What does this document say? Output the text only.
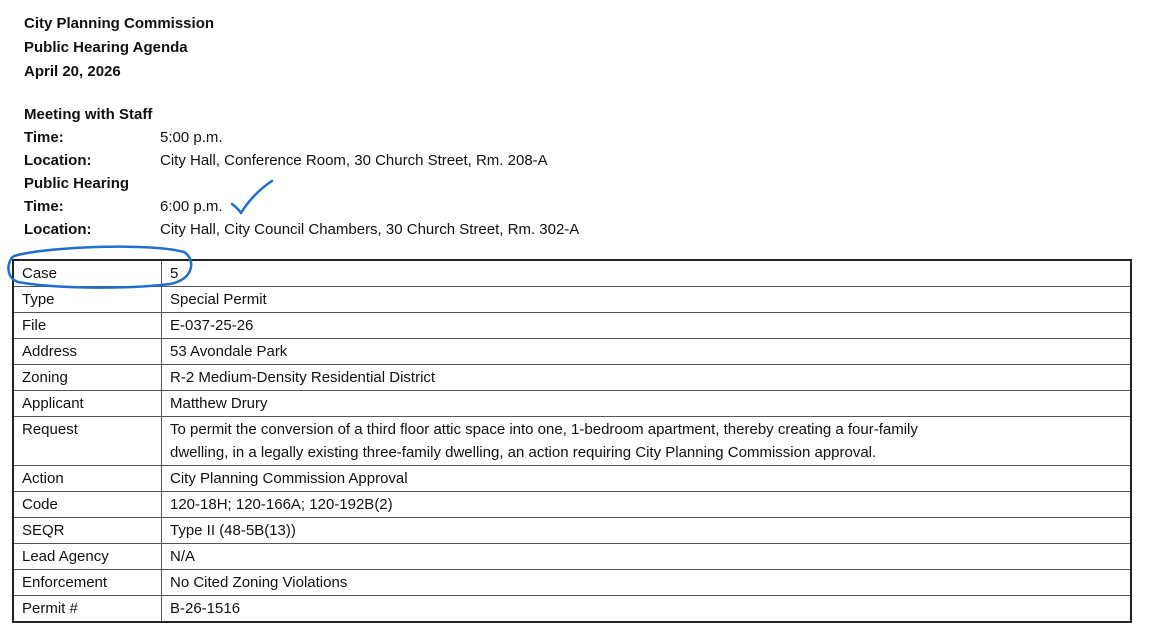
City Planning Commission
Public Hearing Agenda
April 20, 2026
Meeting with Staff
Time:	5:00 p.m.
Location:	City Hall, Conference Room, 30 Church Street, Rm. 208-A
Public Hearing
Time:	6:00 p.m.
Location:	City Hall, City Council Chambers, 30 Church Street, Rm. 302-A
Case	5
Type	Special Permit
File	E-037-25-26
Address	53 Avondale Park
Zoning	R-2 Medium-Density Residential District
Applicant	Matthew Drury
Request	To permit the conversion of a third floor attic space into one, 1-bedroom apartment, thereby creating a four-family
dwelling, in a legally existing three-family dwelling, an action requiring City Planning Commission approval.

Action	City Planning Commission Approval
Code	120-18H; 120-166A; 120-192B(2)
SEQR	Type II (48-5B(13))
Lead Agency	N/A
Enforcement	No Cited Zoning Violations
Permit #	B-26-1516
